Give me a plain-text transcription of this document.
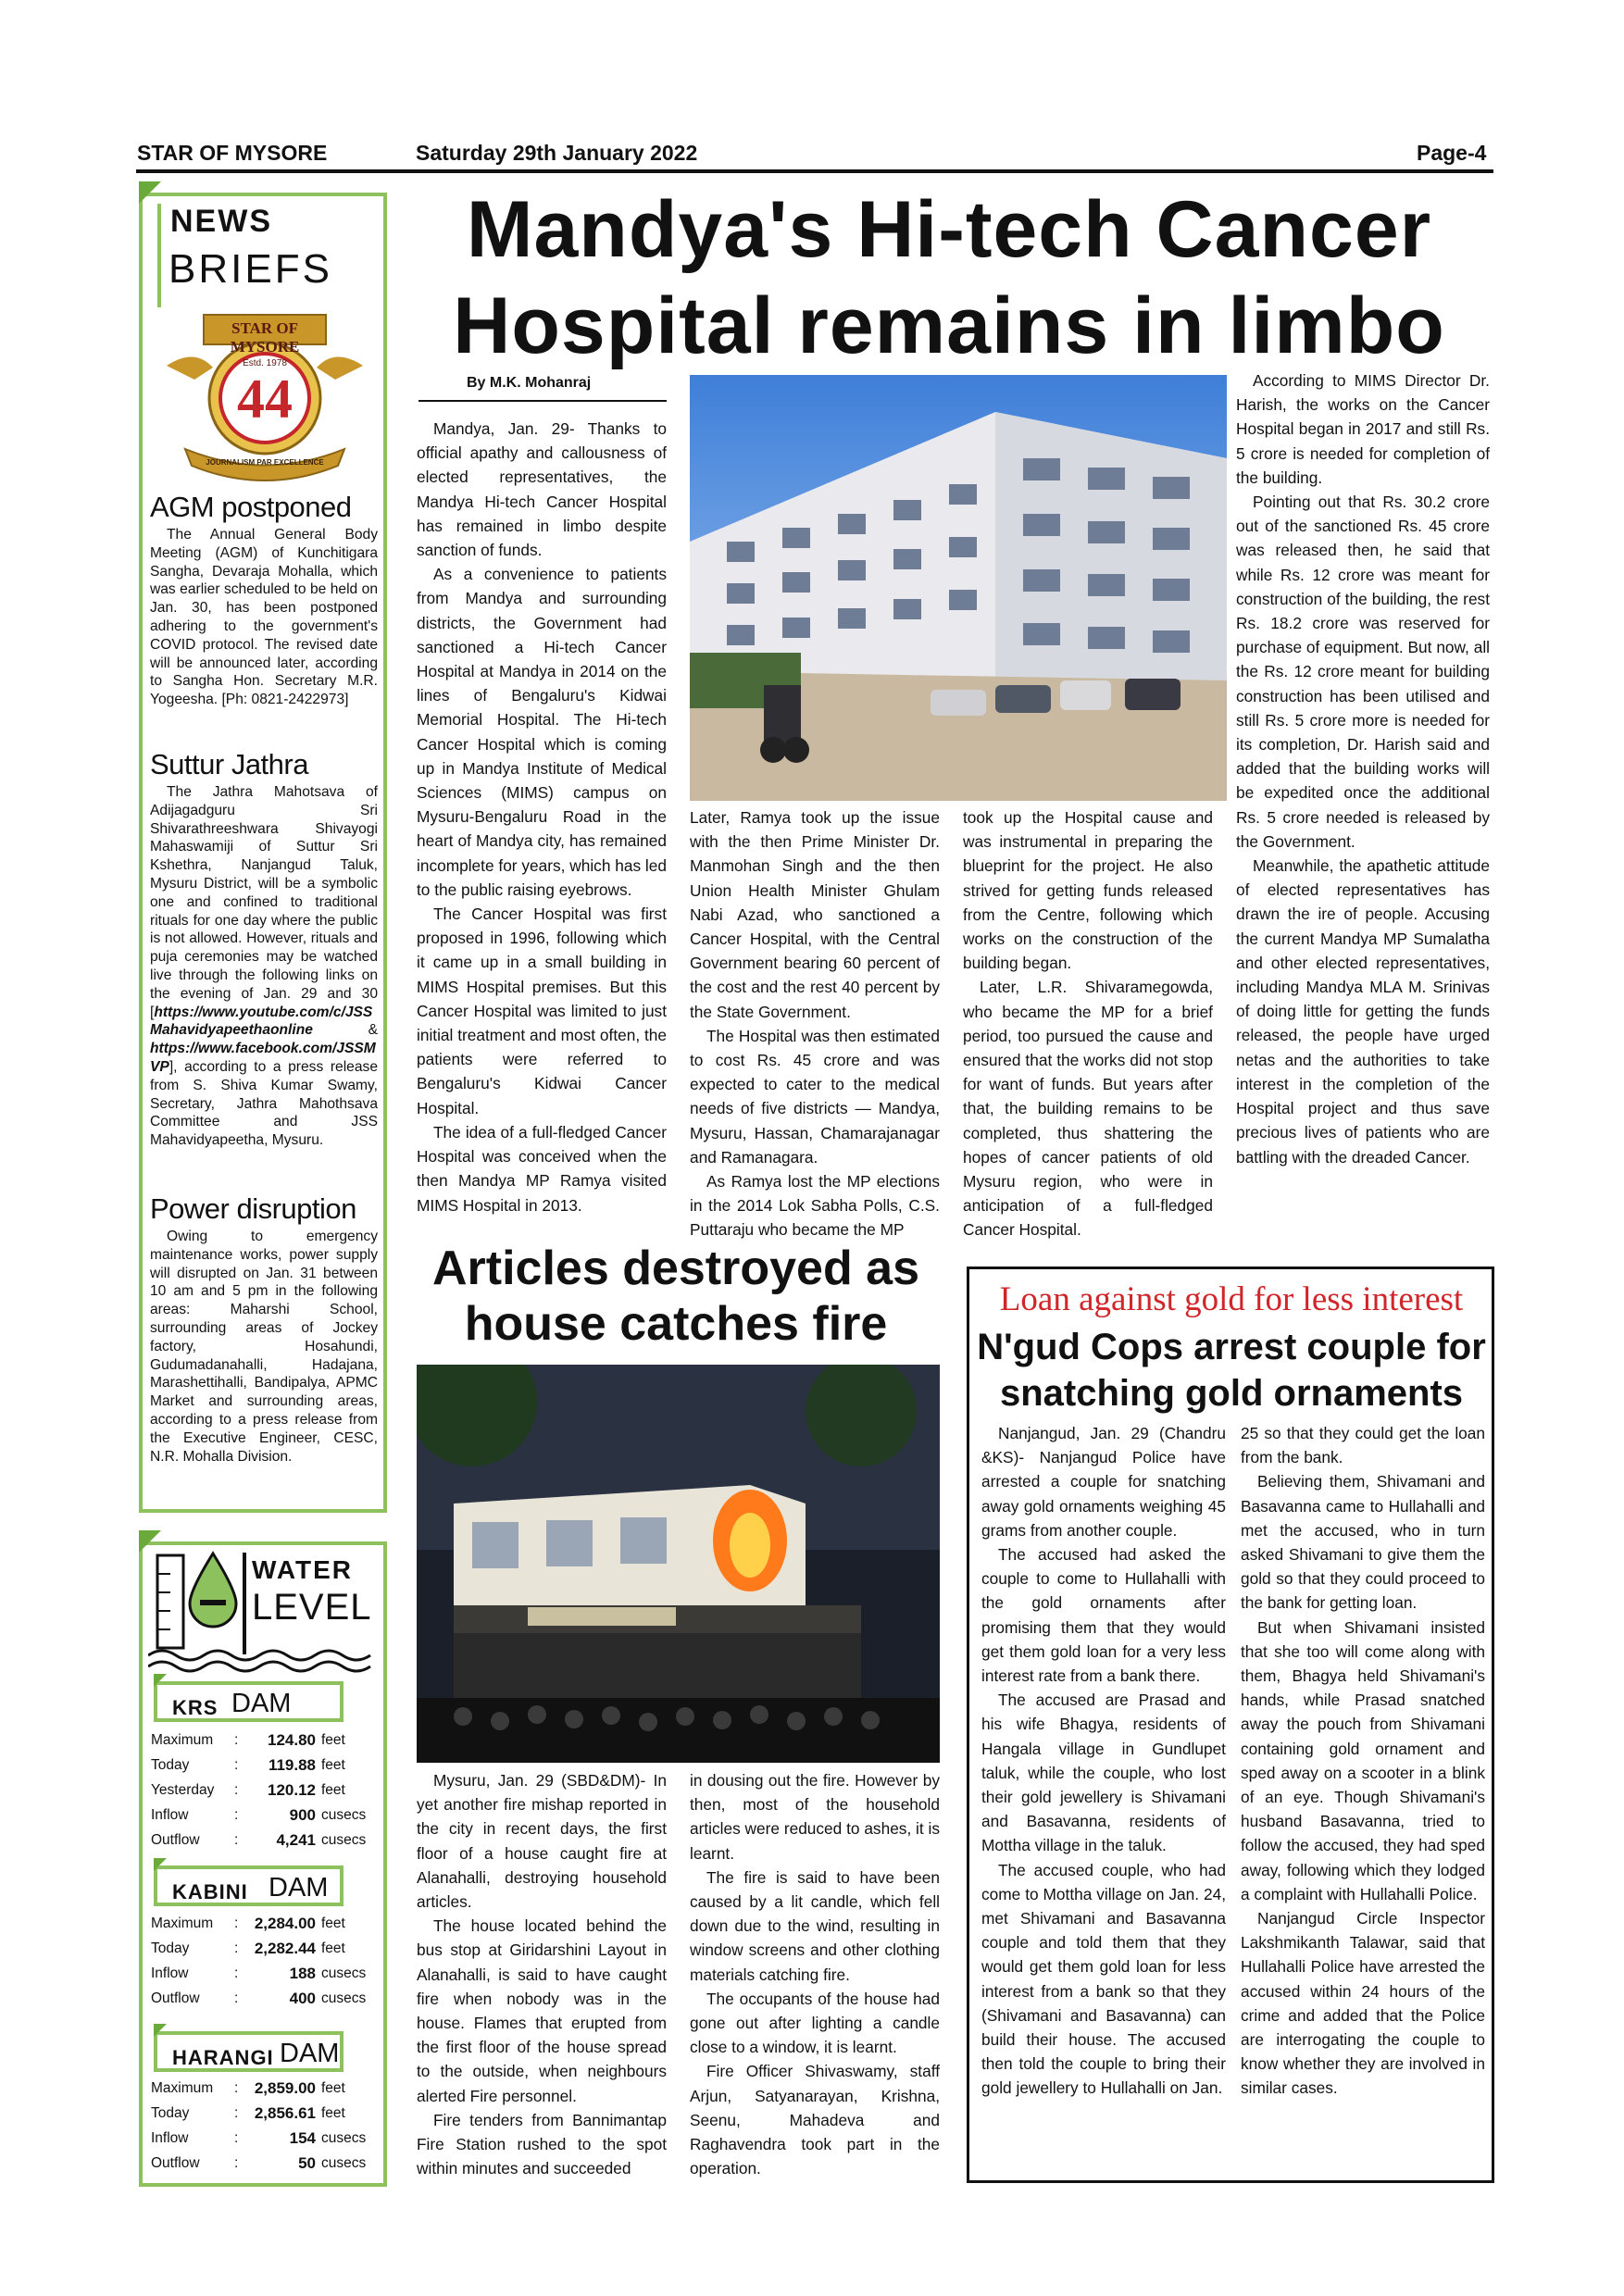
STAR OF MYSORE	Saturday 29th January 2022	Page-4
NEWS
BRIEFS
STAR OF MYSORE
Estd. 1978
44
JOURNALISM PAR EXCELLENCE
AGM postponed
The Annual General Body Meeting (AGM) of Kunchitigara Sangha, Devaraja Mohalla, which was earlier scheduled to be held on Jan. 30, has been postponed adhering to the government's COVID protocol. The revised date will be announced later, according to Sangha Hon. Secretary M.R. Yogeesha. [Ph: 0821-2422973]
Suttur Jathra
The Jathra Mahotsava of Adijagadguru Sri Shivarathreeshwara Shivayogi Mahaswamiji of Suttur Sri Kshethra, Nanjangud Taluk, Mysuru District, will be a symbolic one and confined to traditional rituals for one day where the public is not allowed. However, rituals and puja ceremonies may be watched live through the following links on the evening of Jan. 29 and 30 [https://www.youtube.com/c/JSSMahavidyapeethaonline & https://www.facebook.com/JSSMVP], according to a press release from S. Shiva Kumar Swamy, Secretary, Jathra Mahothsava Committee and JSS Mahavidyapeetha, Mysuru.
Power disruption
Owing to emergency maintenance works, power supply will disrupted on Jan. 31 between 10 am and 5 pm in the following areas: Maharshi School, surrounding areas of Jockey factory, Hosahundi, Gudumadanahalli, Hadajana, Marashettihalli, Bandipalya, APMC Market and surrounding areas, according to a press release from the Executive Engineer, CESC, N.R. Mohalla Division.
WATER
LEVEL
KRS DAM
Maximum : 124.80 feet
Today	: 119.88 feet
Yesterday : 120.12 feet
Inflow	:	900 cusecs
Outflow : 4,241 cusecs
KABINI DAM
Maximum : 2,284.00 feet
Today	: 2,282.44 feet
Inflow	:	188 cusecs
Outflow :	400 cusecs
HARANGI DAM
Maximum : 2,859.00 feet
Today	: 2,856.61 feet
Inflow	:	154 cusecs
Outflow :	50 cusecs
Mandya's Hi-tech Cancer
Hospital remains in limbo
By M.K. Mohanraj

Mandya, Jan. 29- Thanks to official apathy and callousness of elected representatives, the Mandya Hi-tech Cancer Hospital has remained in limbo despite sanction of funds.

As a convenience to patients from Mandya and surrounding districts, the Government had sanctioned a Hi-tech Cancer Hospital at Mandya in 2014 on the lines of Bengaluru's Kidwai Memorial Hospital. The Hi-tech Cancer Hospital which is coming up in Mandya Institute of Medical Sciences (MIMS) campus on Mysuru-Bengaluru Road in the heart of Mandya city, has remained incomplete for years, which has led to the public raising eyebrows.

The Cancer Hospital was first proposed in 1996, following which it came up in a small building in MIMS Hospital premises. But this Cancer Hospital was limited to just initial treatment and most often, the patients were referred to Bengaluru's Kidwai Cancer Hospital.

The idea of a full-fledged Cancer Hospital was conceived when the then Mandya MP Ramya visited MIMS Hospital in 2013.

Later, Ramya took up the issue with the then Prime Minister Dr. Manmohan Singh and the then Union Health Minister Ghulam Nabi Azad, who sanctioned a Cancer Hospital, with the Central Government bearing 60 percent of the cost and the rest 40 percent by the State Government.

The Hospital was then estimated to cost Rs. 45 crore and was expected to cater to the medical needs of five districts — Mandya, Mysuru, Hassan, Chamarajanagar and Ramanagara.

As Ramya lost the MP elections in the 2014 Lok Sabha Polls, C.S. Puttaraju who became the MP

took up the Hospital cause and was instrumental in preparing the blueprint for the project. He also strived for getting funds released from the Centre, following which works on the construction of the building began.

Later, L.R. Shivaramegowda, who became the MP for a brief period, too pursued the cause and ensured that the works did not stop for want of funds. But years after that, the building remains to be completed, thus shattering the hopes of cancer patients of old Mysuru region, who were in anticipation of a full-fledged Cancer Hospital.

According to MIMS Director Dr. Harish, the works on the Cancer Hospital began in 2017 and still Rs. 5 crore is needed for completion of the building.

Pointing out that Rs. 30.2 crore out of the sanctioned Rs. 45 crore was released then, he said that while Rs. 12 crore was meant for construction of the building, the rest Rs. 18.2 crore was reserved for purchase of equipment. But now, all the Rs. 12 crore meant for building construction has been utilised and still Rs. 5 crore more is needed for its completion, Dr. Harish said and added that the building works will be expedited once the additional Rs. 5 crore needed is released by the Government.

Meanwhile, the apathetic attitude of elected representatives has drawn the ire of people. Accusing the current Mandya MP Sumalatha and other elected representatives, including Mandya MLA M. Srinivas of doing little for getting the funds released, the people have urged netas and the authorities to take interest in the completion of the Hospital project and thus save precious lives of patients who are battling with the dreaded Cancer.

Articles destroyed as
house catches fire

Mysuru, Jan. 29 (SBD&DM)- In yet another fire mishap reported in the city in recent days, the first floor of a house caught fire at Alanahalli, destroying household articles.

The house located behind the bus stop at Giridarshini Layout in Alanahalli, is said to have caught fire when nobody was in the house. Flames that erupted from the first floor of the house spread to the outside, when neighbours alerted Fire personnel.

Fire tenders from Bannimantap Fire Station rushed to the spot within minutes and succeeded

in dousing out the fire. However by then, most of the household articles were reduced to ashes, it is learnt.

The fire is said to have been caused by a lit candle, which fell down due to the wind, resulting in window screens and other clothing materials catching fire.

The occupants of the house had gone out after lighting a candle close to a window, it is learnt.

Fire Officer Shivaswamy, staff Arjun, Satyanarayan, Krishna, Seenu, Mahadeva and Raghavendra took part in the operation.

Loan against gold for less interest
N'gud Cops arrest couple for
snatching gold ornaments

Nanjangud, Jan. 29 (Chandru &KS)- Nanjangud Police have arrested a couple for snatching away gold ornaments weighing 45 grams from another couple.

The accused had asked the couple to come to Hullahalli with the gold ornaments after promising them that they would get them gold loan for a very less interest rate from a bank there.

The accused are Prasad and his wife Bhagya, residents of Hangala village in Gundlupet taluk, while the couple, who lost their gold jewellery is Shivamani and Basavanna, residents of Mottha village in the taluk.

The accused couple, who had come to Mottha village on Jan. 24, met Shivamani and Basavanna couple and told them that they would get them gold loan for less interest from a bank so that they (Shivamani and Basavanna) can build their house. The accused then told the couple to bring their gold jewellery to Hullahalli on Jan.

25 so that they could get the loan from the bank.

Believing them, Shivamani and Basavanna came to Hullahalli and met the accused, who in turn asked Shivamani to give them the gold so that they could proceed to the bank for getting loan.

But when Shivamani insisted that she too will come along with them, Bhagya held Shivamani's hands, while Prasad snatched away the pouch from Shivamani containing gold ornament and sped away on a scooter in a blink of an eye. Though Shivamani's husband Basavanna, tried to follow the accused, they had sped away, following which they lodged a complaint with Hullahalli Police.

Nanjangud Circle Inspector Lakshmikanth Talawar, said that Hullahalli Police have arrested the accused within 24 hours of the crime and added that the Police are interrogating the couple to know whether they are involved in similar cases.
